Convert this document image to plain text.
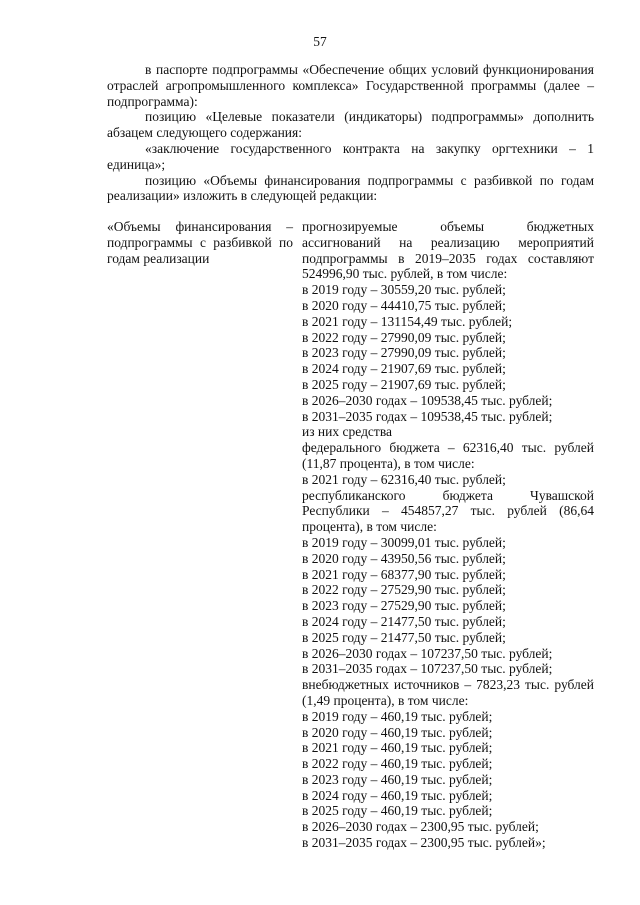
57

в паспорте подпрограммы «Обеспечение общих условий функционирования отраслей агропромышленного комплекса» Государственной программы (далее – подпрограмма):

позицию «Целевые показатели (индикаторы) подпрограммы» дополнить абзацем следующего содержания:

«заключение государственного контракта на закупку оргтехники – 1 единица»;

позицию «Объемы финансирования подпрограммы с разбивкой по годам реализации» изложить в следующей редакции:

«Объемы финансирования – подпрограммы с разбивкой по годам реализации
прогнозируемые объемы бюджетных ассигнований на реализацию мероприятий подпрограммы в 2019–2035 годах составляют 524996,90 тыс. рублей, в том числе:
в 2019 году – 30559,20 тыс. рублей;
в 2020 году – 44410,75 тыс. рублей;
в 2021 году – 131154,49 тыс. рублей;
в 2022 году – 27990,09 тыс. рублей;
в 2023 году – 27990,09 тыс. рублей;
в 2024 году – 21907,69 тыс. рублей;
в 2025 году – 21907,69 тыс. рублей;
в 2026–2030 годах – 109538,45 тыс. рублей;
в 2031–2035 годах – 109538,45 тыс. рублей;
из них средства
федерального бюджета – 62316,40 тыс. рублей (11,87 процента), в том числе:
в 2021 году – 62316,40 тыс. рублей;
республиканского бюджета Чувашской Республики – 454857,27 тыс. рублей (86,64 процента), в том числе:
в 2019 году – 30099,01 тыс. рублей;
в 2020 году – 43950,56 тыс. рублей;
в 2021 году – 68377,90 тыс. рублей;
в 2022 году – 27529,90 тыс. рублей;
в 2023 году – 27529,90 тыс. рублей;
в 2024 году – 21477,50 тыс. рублей;
в 2025 году – 21477,50 тыс. рублей;
в 2026–2030 годах – 107237,50 тыс. рублей;
в 2031–2035 годах – 107237,50 тыс. рублей;
внебюджетных источников – 7823,23 тыс. рублей (1,49 процента), в том числе:
в 2019 году – 460,19 тыс. рублей;
в 2020 году – 460,19 тыс. рублей;
в 2021 году – 460,19 тыс. рублей;
в 2022 году – 460,19 тыс. рублей;
в 2023 году – 460,19 тыс. рублей;
в 2024 году – 460,19 тыс. рублей;
в 2025 году – 460,19 тыс. рублей;
в 2026–2030 годах – 2300,95 тыс. рублей;
в 2031–2035 годах – 2300,95 тыс. рублей»;
